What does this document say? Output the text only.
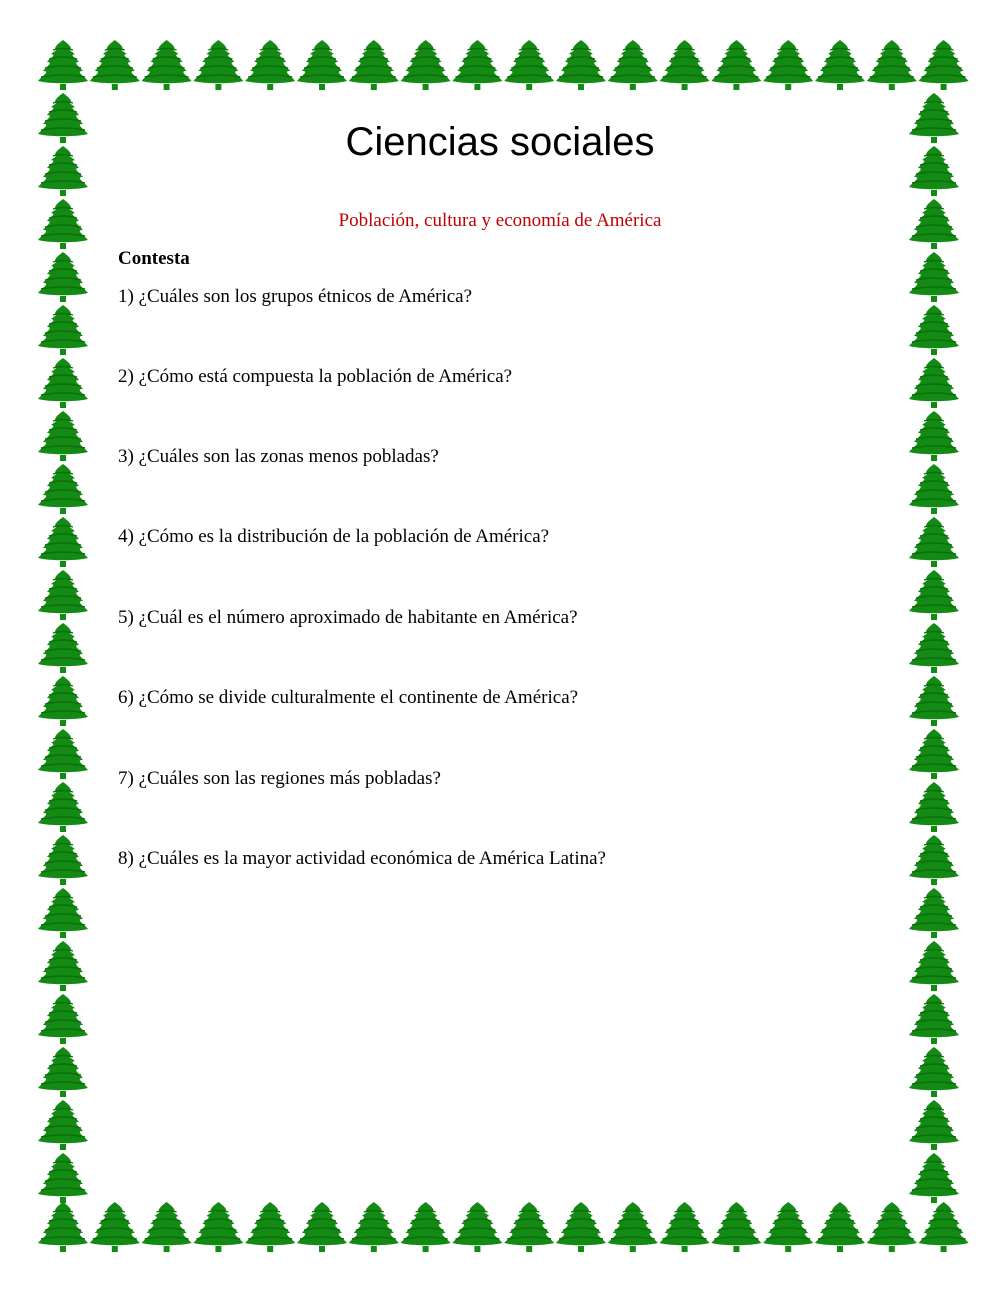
Ciencias sociales

Población, cultura y economía de América

Contesta

1) ¿Cuáles son los grupos étnicos de América?

2) ¿Cómo está compuesta la población de América?

3) ¿Cuáles son las zonas menos pobladas?

4) ¿Cómo es la distribución de la población de América?

5) ¿Cuál es el número aproximado de habitante en América?

6) ¿Cómo se divide culturalmente el continente de América?

7) ¿Cuáles son las regiones más pobladas?

8) ¿Cuáles es la mayor actividad económica de América Latina?
